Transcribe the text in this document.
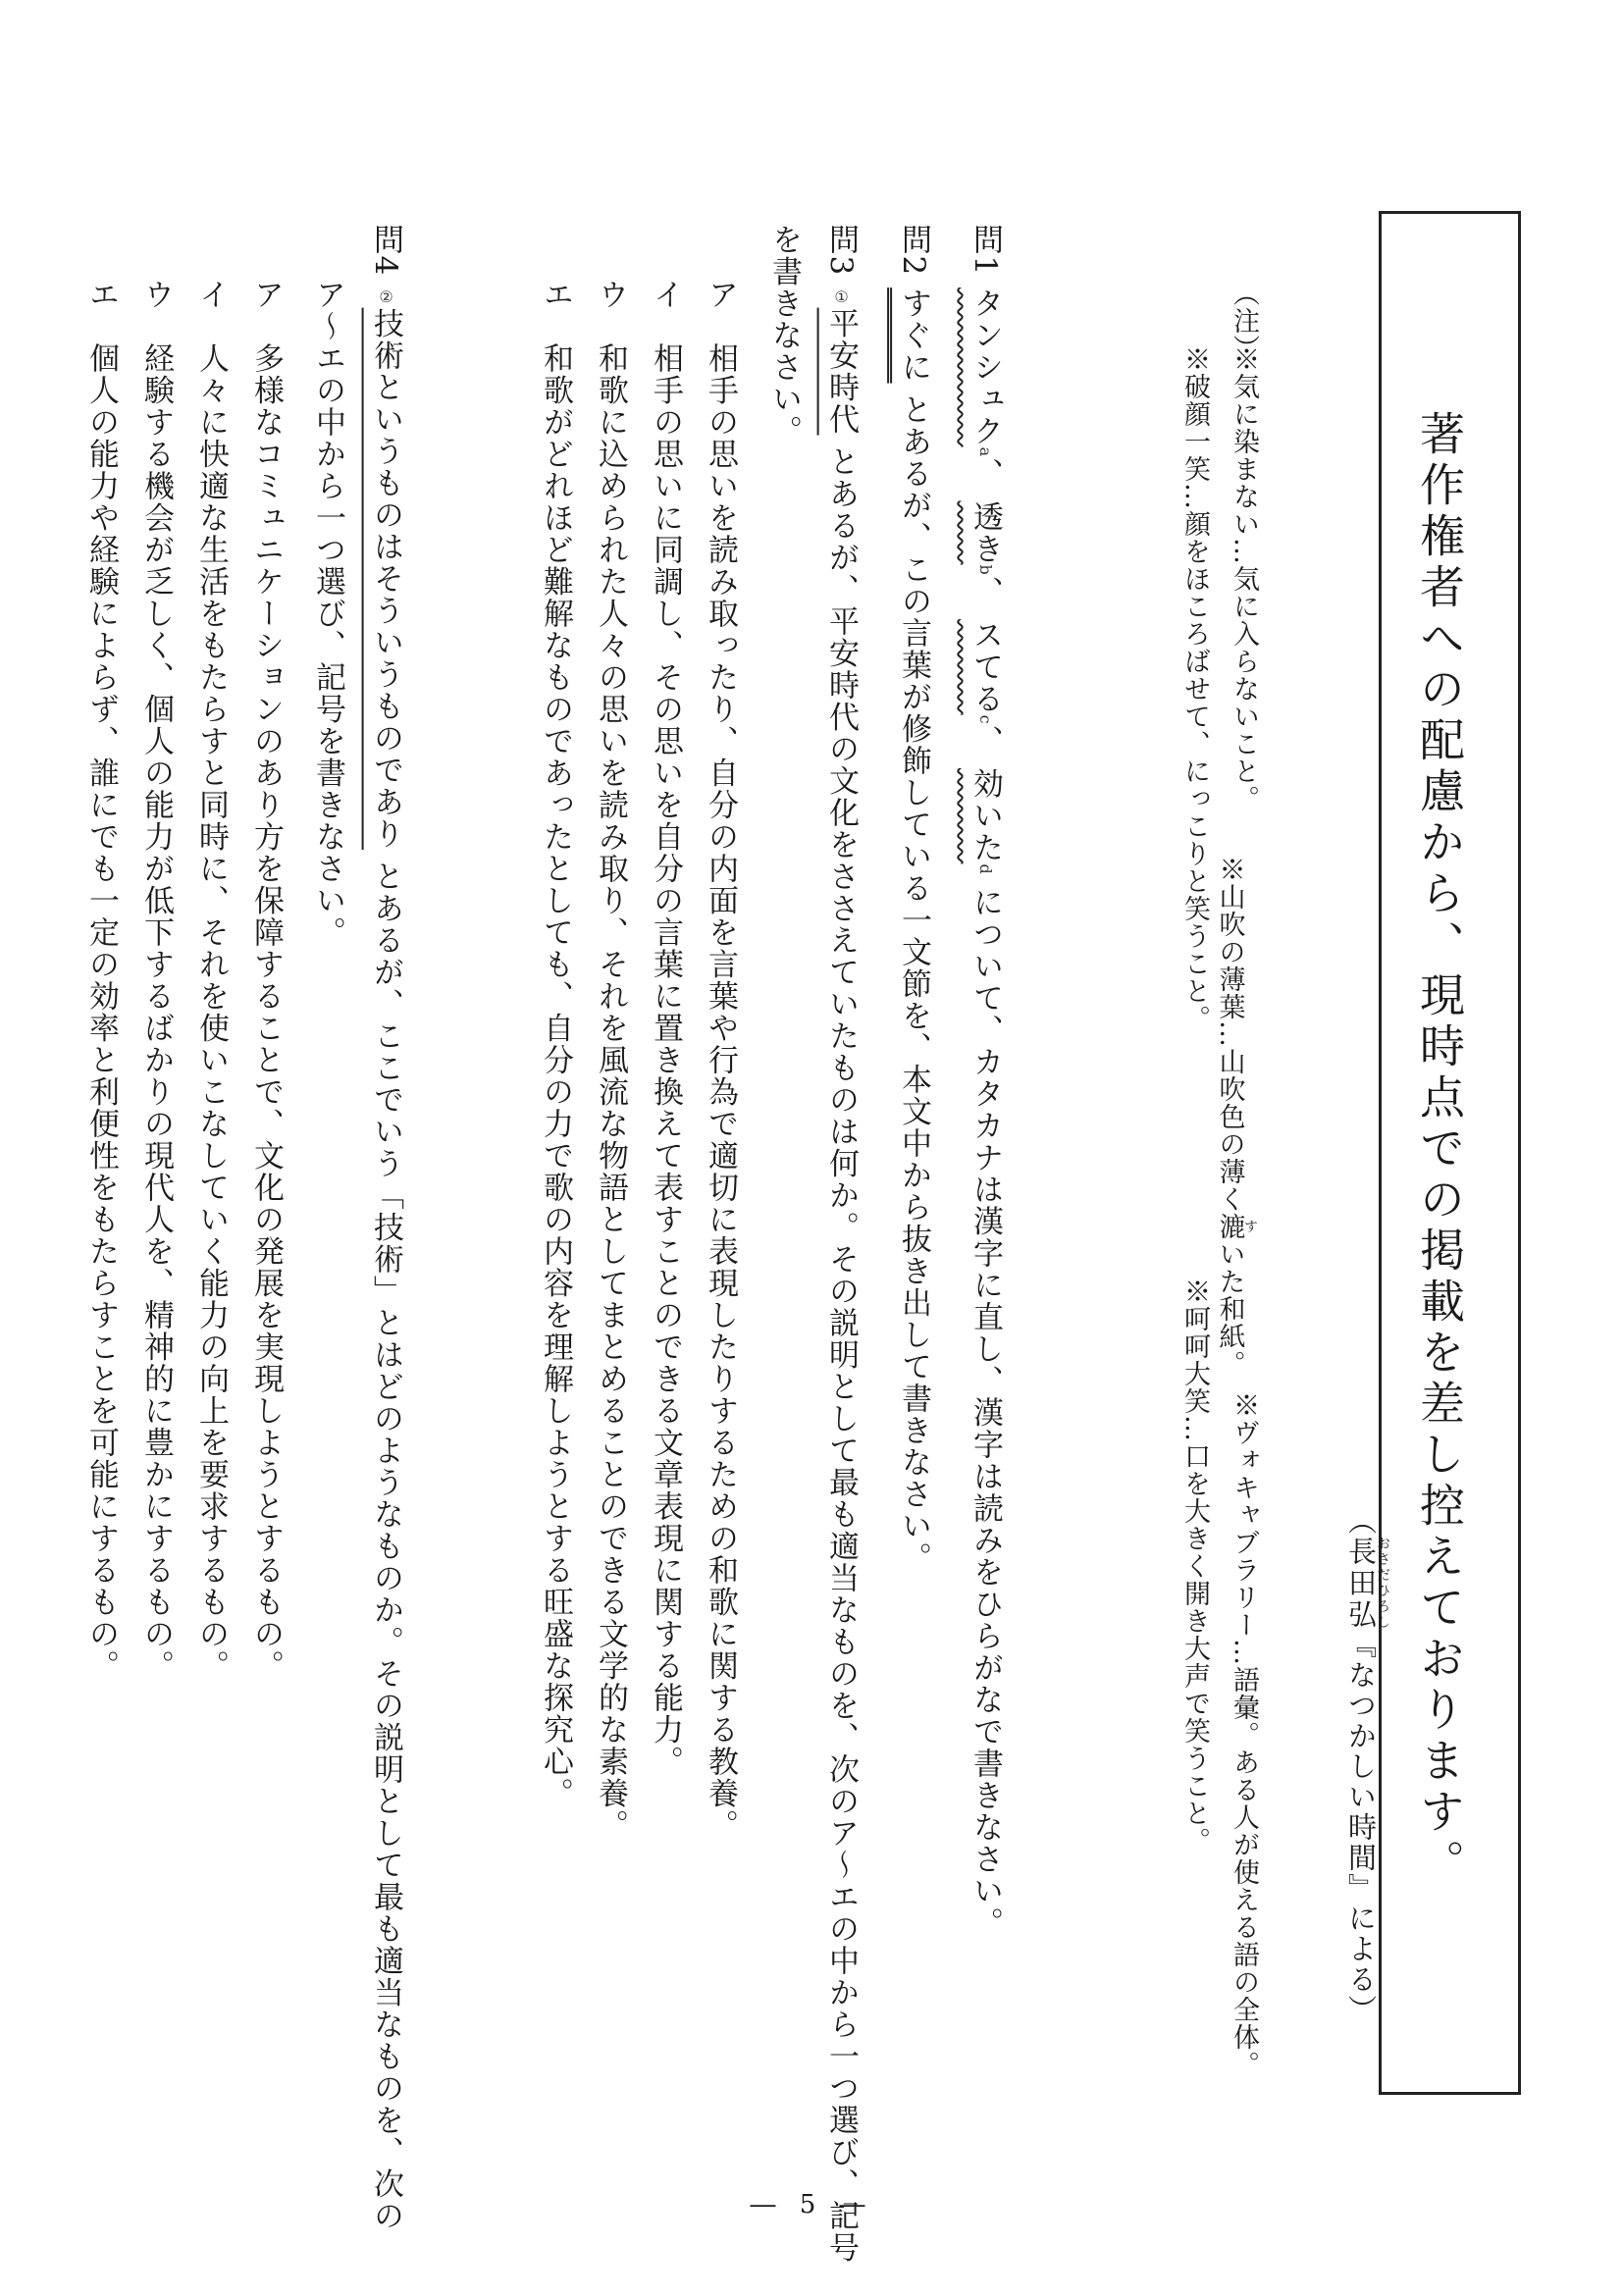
著作権者への配慮から、現時点での掲載を差し控えております。
（長田弘おさだひろし『なつかしい時間』による）
（注）
※気に染まない…気に入らないこと。
※破顔一笑…顔をほころばせて、にっこりと笑うこと。
※山吹の薄葉…山吹色の薄く漉すいた和紙。
※呵呵大笑…口を大きく開き大声で笑うこと。 ※ヴォキャブラリー…語彙。ある人が使える語の全体。
問1 タンシュクa、 透きb、 スてるc、 効いたd について、カタカナは漢字に直し、漢字は読みをひらがなで書きなさい。
問2 すぐに とあるが、この言葉が修飾している一文節を、本文中から抜き出して書きなさい。
問3 ①平安時代 とあるが、平安時代の文化をささえていたものは何か。その説明として最も適当なものを、次のア～エの中から一つ選び、記号
を書きなさい。
ア　相手の思いを読み取ったり、自分の内面を言葉や行為で適切に表現したりするための和歌に関する教養。
イ　相手の思いに同調し、その思いを自分の言葉に置き換えて表すことのできる文章表現に関する能力。
ウ　和歌に込められた人々の思いを読み取り、それを風流な物語としてまとめることのできる文学的な素養。
エ　和歌がどれほど難解なものであったとしても、自分の力で歌の内容を理解しようとする旺盛な探究心。
問4 ②技術というものはそういうものであり とあるが、ここでいう「技術」とはどのようなものか。その説明として最も適当なものを、次の
ア～エの中から一つ選び、記号を書きなさい。
ア　多様なコミュニケーションのあり方を保障することで、文化の発展を実現しようとするもの。
イ　人々に快適な生活をもたらすと同時に、それを使いこなしていく能力の向上を要求するもの。
ウ　経験する機会が乏しく、個人の能力が低下するばかりの現代人を、精神的に豊かにするもの。
エ　個人の能力や経験によらず、誰にでも一定の効率と利便性をもたらすことを可能にするもの。
― 5 ―
